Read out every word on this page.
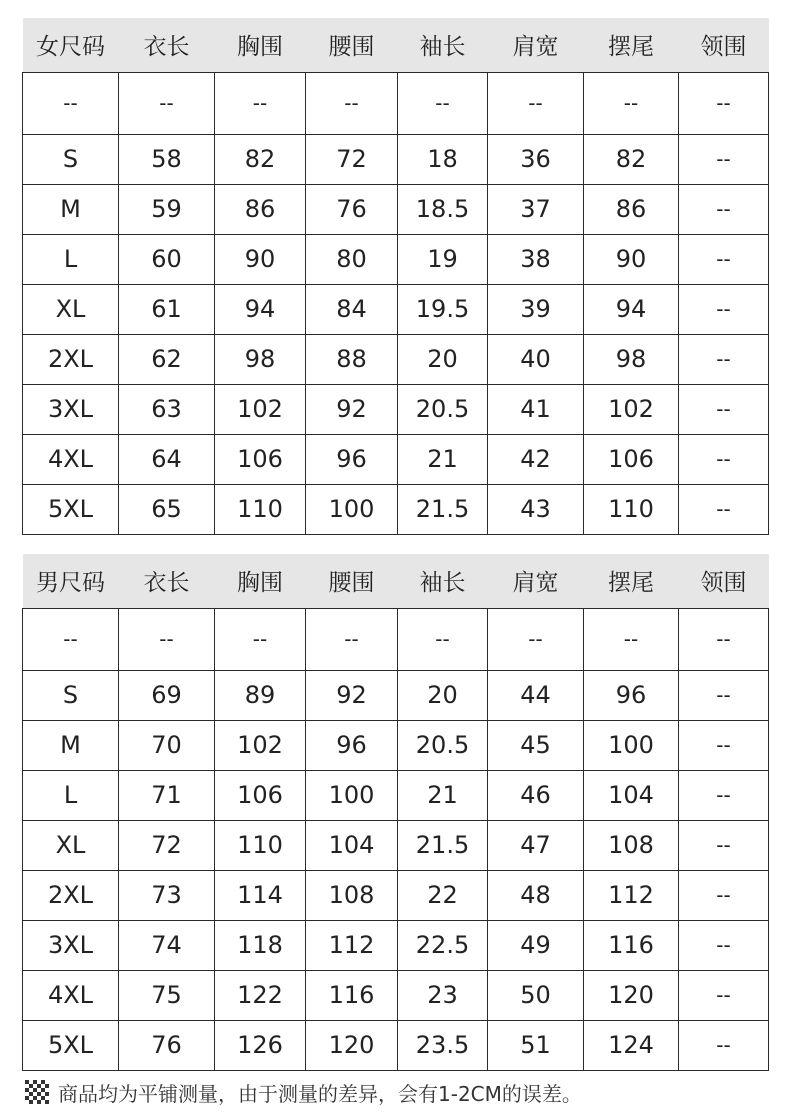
女尺码	衣长	胸围	腰围	袖长	肩宽	摆尾	领围
--	--	--	--	--	--	--	--
S	58	82	72	18	36	82	--
M	59	86	76	18.5	37	86	--
L	60	90	80	19	38	90	--
XL	61	94	84	19.5	39	94	--
2XL	62	98	88	20	40	98	--
3XL	63	102	92	20.5	41	102	--
4XL	64	106	96	21	42	106	--
5XL	65	110	100	21.5	43	110	--
男尺码	衣长	胸围	腰围	袖长	肩宽	摆尾	领围
--	--	--	--	--	--	--	--
S	69	89	92	20	44	96	--
M	70	102	96	20.5	45	100	--
L	71	106	100	21	46	104	--
XL	72	110	104	21.5	47	108	--
2XL	73	114	108	22	48	112	--
3XL	74	118	112	22.5	49	116	--
4XL	75	122	116	23	50	120	--
5XL	76	126	120	23.5	51	124	--
商品均为平铺测量，由于测量的差异，会有1-2CM的误差。
